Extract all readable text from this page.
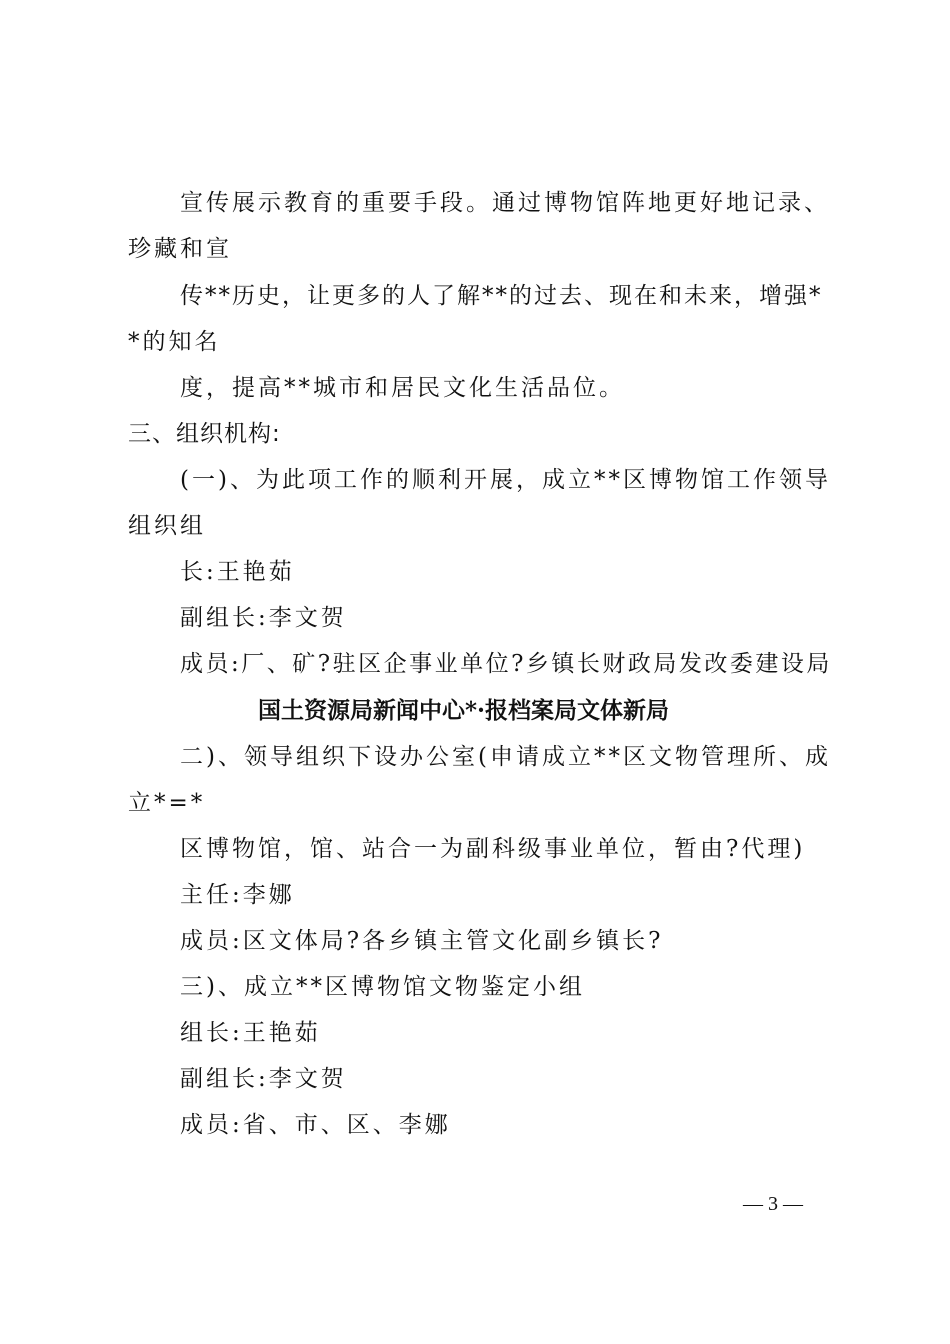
宣传展示教育的重要手段。通过博物馆阵地更好地记录、
珍藏和宣
传**历史，让更多的人了解**的过去、现在和未来，增强*
*的知名
度，提高**城市和居民文化生活品位。
三、组织机构:
(一)、为此项工作的顺利开展，成立**区博物馆工作领导
组织组
长:王艳茹
副组长:李文贺
成员:厂、矿?驻区企事业单位?乡镇长财政局发改委建设局
国土资源局新闻中心*·报档案局文体新局
二)、领导组织下设办公室(申请成立**区文物管理所、成
立*=*
区博物馆，馆、站合一为副科级事业单位，暂由?代理)
主任:李娜
成员:区文体局?各乡镇主管文化副乡镇长?
三)、成立**区博物馆文物鉴定小组
组长:王艳茹
副组长:李文贺
成员:省、市、区、李娜
— 3 —
